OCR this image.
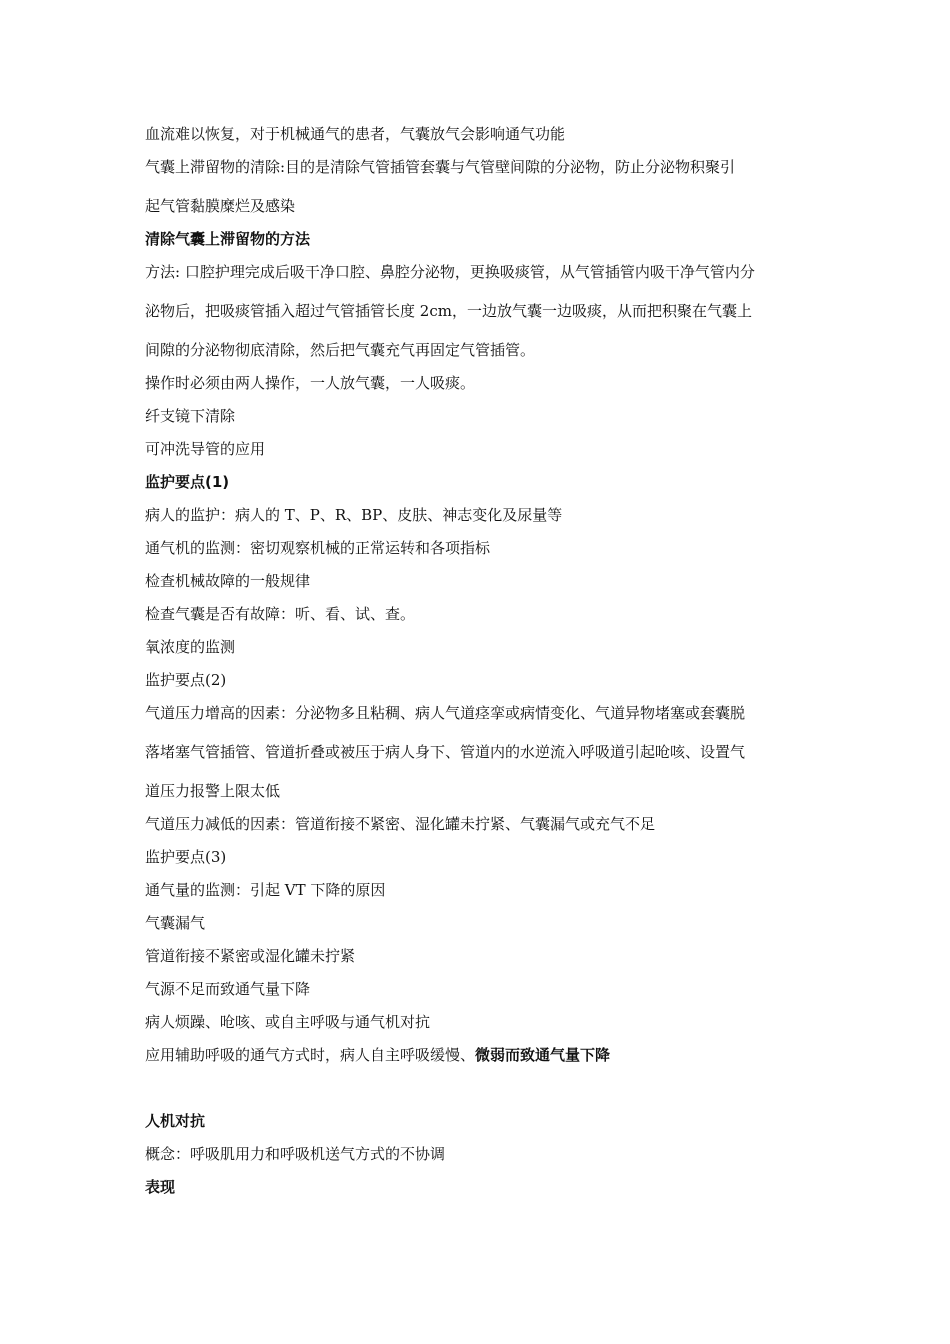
血流难以恢复，对于机械通气的患者，气囊放气会影响通气功能

气囊上滞留物的清除:目的是清除气管插管套囊与气管壁间隙的分泌物，防止分泌物积聚引

起气管黏膜糜烂及感染

清除气囊上滞留物的方法

方法: 口腔护理完成后吸干净口腔、鼻腔分泌物，更换吸痰管，从气管插管内吸干净气管内分

泌物后，把吸痰管插入超过气管插管长度 2cm，一边放气囊一边吸痰，从而把积聚在气囊上

间隙的分泌物彻底清除，然后把气囊充气再固定气管插管。

操作时必须由两人操作，一人放气囊，一人吸痰。

纤支镜下清除

可冲洗导管的应用

监护要点(1)

病人的监护：病人的 T、P、R、BP、皮肤、神志变化及尿量等

通气机的监测：密切观察机械的正常运转和各项指标

检查机械故障的一般规律

检查气囊是否有故障：听、看、试、查。

氧浓度的监测

监护要点(2)

气道压力增高的因素：分泌物多且粘稠、病人气道痉挛或病情变化、气道异物堵塞或套囊脱

落堵塞气管插管、管道折叠或被压于病人身下、管道内的水逆流入呼吸道引起呛咳、设置气

道压力报警上限太低

气道压力减低的因素：管道衔接不紧密、湿化罐未拧紧、气囊漏气或充气不足

监护要点(3)

通气量的监测：引起 VT 下降的原因

气囊漏气

管道衔接不紧密或湿化罐未拧紧

气源不足而致通气量下降

病人烦躁、呛咳、或自主呼吸与通气机对抗

应用辅助呼吸的通气方式时，病人自主呼吸缓慢、微弱而致通气量下降

人机对抗

概念：呼吸肌用力和呼吸机送气方式的不协调

表现
